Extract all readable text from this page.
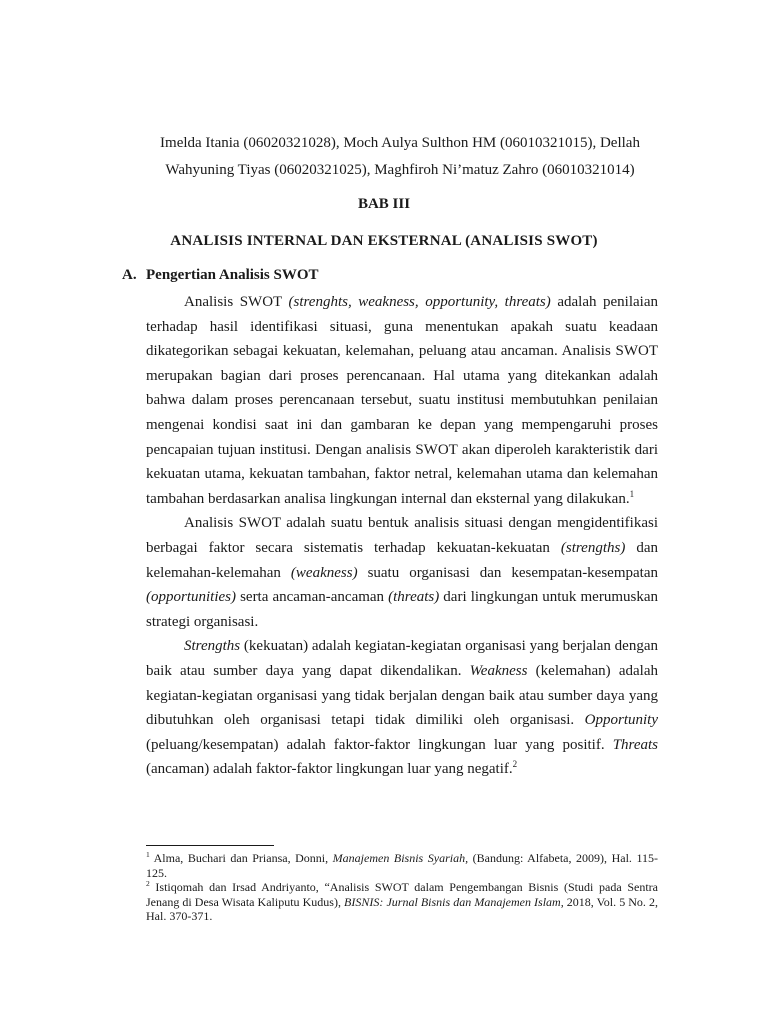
Imelda Itania (06020321028), Moch Aulya Sulthon HM (06010321015), Dellah
Wahyuning Tiyas (06020321025), Maghfiroh Ni’matuz Zahro (06010321014)
BAB III
ANALISIS INTERNAL DAN EKSTERNAL (ANALISIS SWOT)
A. Pengertian Analisis SWOT

Analisis SWOT (strenghts, weakness, opportunity, threats) adalah penilaian terhadap hasil identifikasi situasi, guna menentukan apakah suatu keadaan dikategorikan sebagai kekuatan, kelemahan, peluang atau ancaman. Analisis SWOT merupakan bagian dari proses perencanaan. Hal utama yang ditekankan adalah bahwa dalam proses perencanaan tersebut, suatu institusi membutuhkan penilaian mengenai kondisi saat ini dan gambaran ke depan yang mempengaruhi proses pencapaian tujuan institusi. Dengan analisis SWOT akan diperoleh karakteristik dari kekuatan utama, kekuatan tambahan, faktor netral, kelemahan utama dan kelemahan tambahan berdasarkan analisa lingkungan internal dan eksternal yang dilakukan.$^1$

Analisis SWOT adalah suatu bentuk analisis situasi dengan mengidentifikasi berbagai faktor secara sistematis terhadap kekuatan-kekuatan (strengths) dan kelemahan-kelemahan (weakness) suatu organisasi dan kesempatan-kesempatan (opportunities) serta ancaman-ancaman (threats) dari lingkungan untuk merumuskan strategi organisasi.

Strengths (kekuatan) adalah kegiatan-kegiatan organisasi yang berjalan dengan baik atau sumber daya yang dapat dikendalikan. Weakness (kelemahan) adalah kegiatan-kegiatan organisasi yang tidak berjalan dengan baik atau sumber daya yang dibutuhkan oleh organisasi tetapi tidak dimiliki oleh organisasi. Opportunity (peluang/kesempatan) adalah faktor-faktor lingkungan luar yang positif. Threats (ancaman) adalah faktor-faktor lingkungan luar yang negatif.$^2$

$^1$ Alma, Buchari dan Priansa, Donni, Manajemen Bisnis Syariah, (Bandung: Alfabeta, 2009), Hal. 115-125.

$^2$ Istiqomah dan Irsad Andriyanto, “Analisis SWOT dalam Pengembangan Bisnis (Studi pada Sentra Jenang di Desa Wisata Kaliputu Kudus), BISNIS: Jurnal Bisnis dan Manajemen Islam, 2018, Vol. 5 No. 2, Hal. 370-371.
